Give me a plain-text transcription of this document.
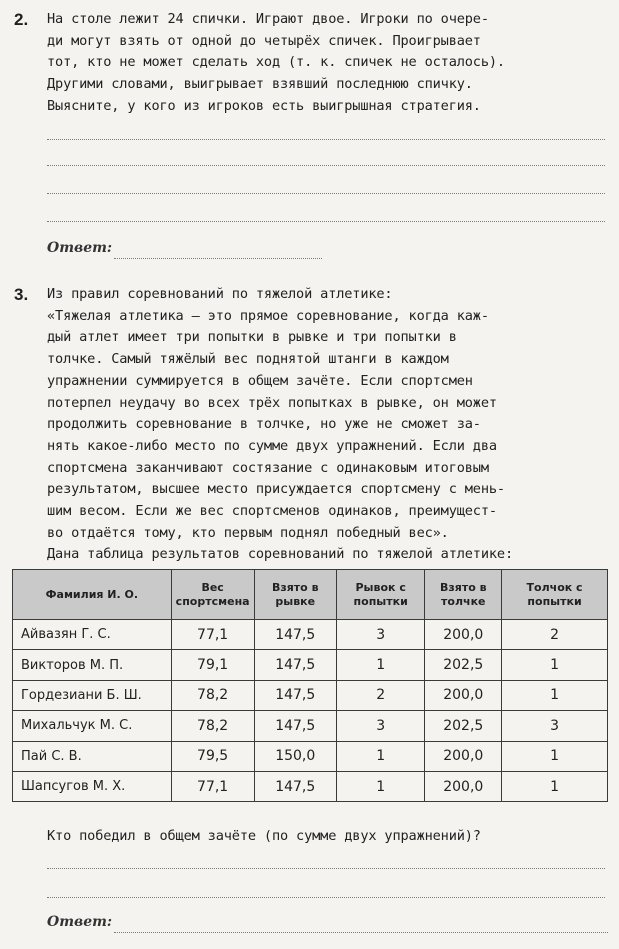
2. На столе лежит 24 спички. Играют двое. Игроки по очере-
ди могут взять от одной до четырёх спичек. Проигрывает
тот, кто не может сделать ход (т. к. спичек не осталось).
Другими словами, выигрывает взявший последнюю спичку.
Выясните, у кого из игроков есть выигрышная стратегия.
Ответ:
3. Из правил соревнований по тяжелой атлетике:
«Тяжелая атлетика — это прямое соревнование, когда каж-
дый атлет имеет три попытки в рывке и три попытки в
толчке. Самый тяжёлый вес поднятой штанги в каждом
упражнении суммируется в общем зачёте. Если спортсмен
потерпел неудачу во всех трёх попытках в рывке, он может
продолжить соревнование в толчке, но уже не сможет за-
нять какое-либо место по сумме двух упражнений. Если два
спортсмена заканчивают состязание с одинаковым итоговым
результатом, высшее место присуждается спортсмену с мень-
шим весом. Если же вес спортсменов одинаков, преимущест-
во отдаётся тому, кто первым поднял победный вес».
Дана таблица результатов соревнований по тяжелой атлетике:
Фамилия И. О.	Вес спортсмена	Взято в рывке	Рывок с попытки	Взято в толчке	Толчок с попытки
Айвазян Г. С.	77,1	147,5	3	200,0	2
Викторов М. П.	79,1	147,5	1	202,5	1
Гордезиани Б. Ш.	78,2	147,5	2	200,0	1
Михальчук М. С.	78,2	147,5	3	202,5	3
Пай С. В.	79,5	150,0	1	200,0	1
Шапсугов М. Х.	77,1	147,5	1	200,0	1
Кто победил в общем зачёте (по сумме двух упражнений)?
Ответ:
